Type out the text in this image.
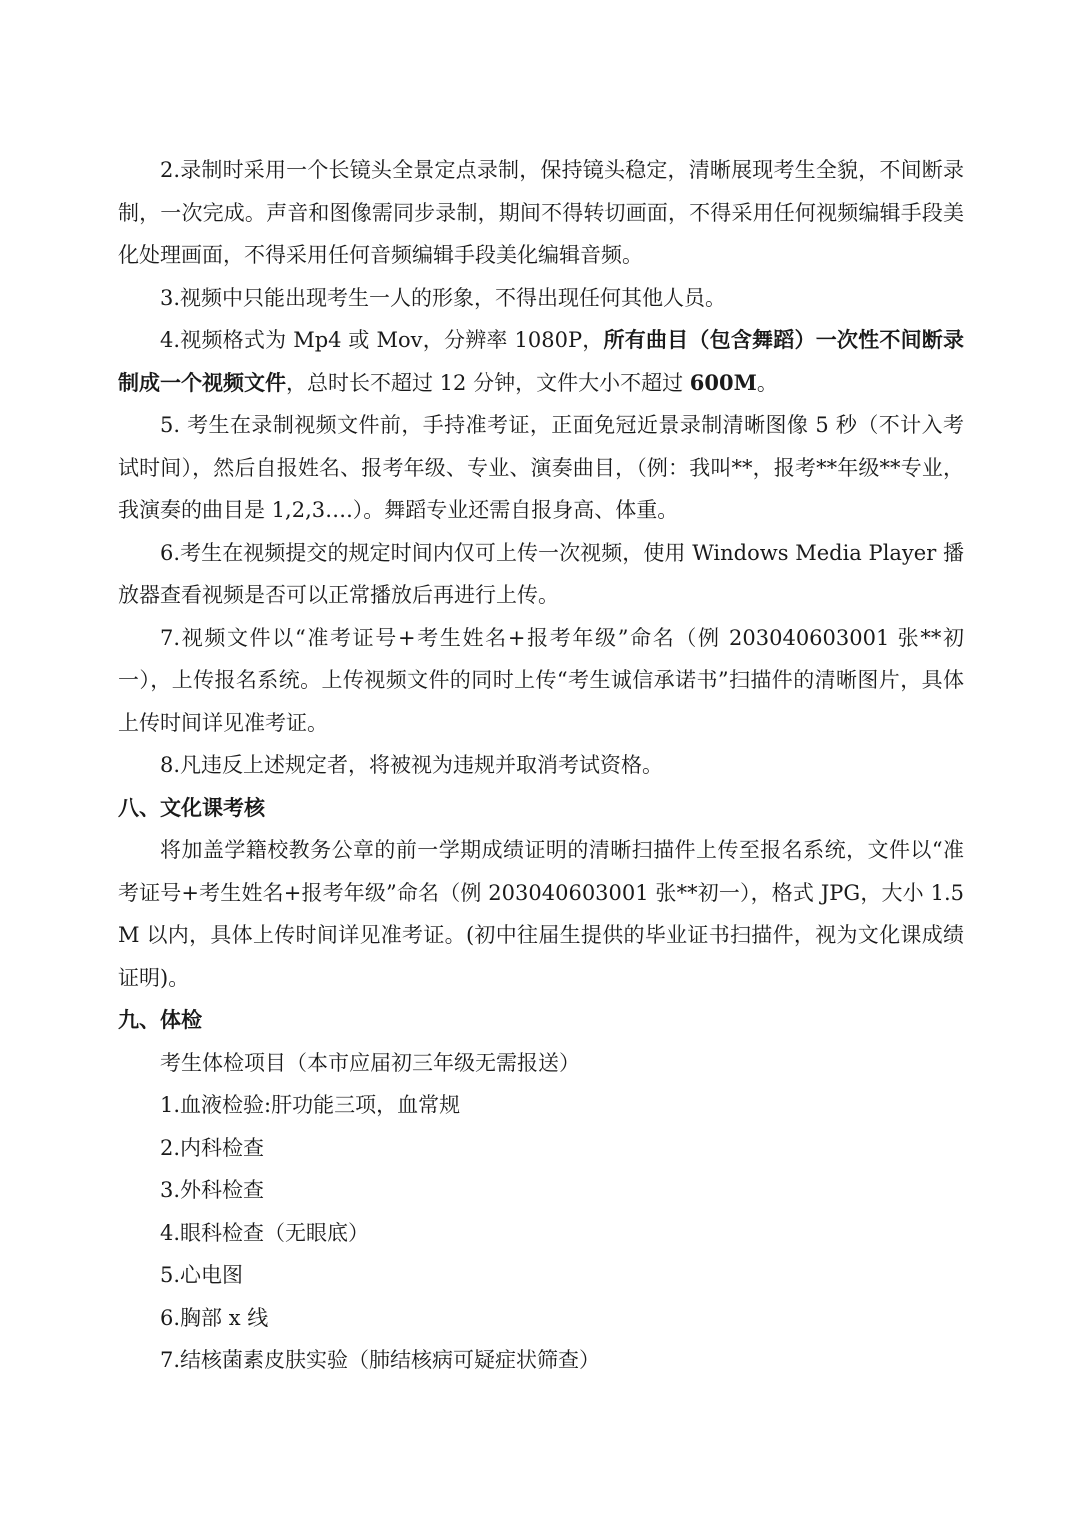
2.录制时采用一个长镜头全景定点录制，保持镜头稳定，清晰展现考生全貌，不间断录制，一次完成。声音和图像需同步录制，期间不得转切画面，不得采用任何视频编辑手段美化处理画面，不得采用任何音频编辑手段美化编辑音频。

3.视频中只能出现考生一人的形象，不得出现任何其他人员。

4.视频格式为 Mp4 或 Mov，分辨率 1080P，所有曲目（包含舞蹈）一次性不间断录制成一个视频文件，总时长不超过 12 分钟，文件大小不超过 600M。

5. 考生在录制视频文件前，手持准考证，正面免冠近景录制清晰图像 5 秒（不计入考试时间），然后自报姓名、报考年级、专业、演奏曲目，（例：我叫**，报考**年级**专业，我演奏的曲目是 1,2,3….）。舞蹈专业还需自报身高、体重。

6.考生在视频提交的规定时间内仅可上传一次视频，使用 Windows Media Player 播放器查看视频是否可以正常播放后再进行上传。

7.视频文件以“准考证号+考生姓名+报考年级”命名（例 203040603001 张**初一），上传报名系统。上传视频文件的同时上传“考生诚信承诺书”扫描件的清晰图片，具体上传时间详见准考证。

8.凡违反上述规定者，将被视为违规并取消考试资格。

八、文化课考核

将加盖学籍校教务公章的前一学期成绩证明的清晰扫描件上传至报名系统，文件以“准考证号+考生姓名+报考年级”命名（例 203040603001 张**初一），格式 JPG，大小 1.5M 以内，具体上传时间详见准考证。(初中往届生提供的毕业证书扫描件，视为文化课成绩证明)。

九、体检

考生体检项目（本市应届初三年级无需报送）

1.血液检验:肝功能三项，血常规

2.内科检查

3.外科检查

4.眼科检查（无眼底）

5.心电图

6.胸部 x 线

7.结核菌素皮肤实验（肺结核病可疑症状筛查）
